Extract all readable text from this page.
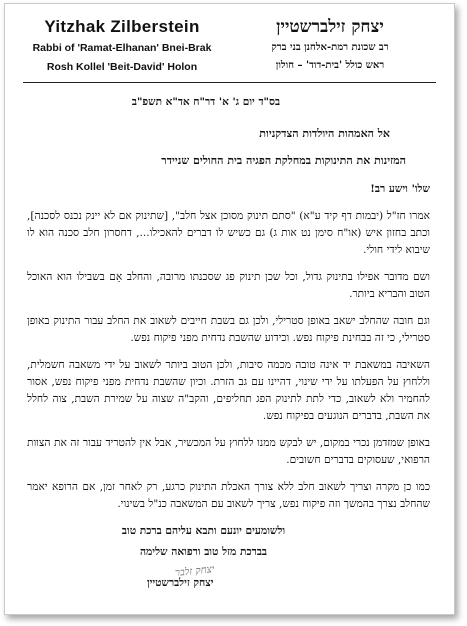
Yitzhak Zilberstein
Rabbi of 'Ramat-Elhanan' Bnei-Brak
Rosh Kollel 'Beit-David' Holon
יצחק זילברשטיין
רב שכונת רמת-אלחנן בני ברק
ראש כולל 'בית-דוד' – חולון
בס"ד יום ג' א' דר"ח אד"א תשפ"ב
אל האמהות היולדות הצדקניות
המזינות את התינוקות במחלקת הפגיה בית החולים שניידר
שלו' וישע רב!

אמרו חז"ל (יבמות דף קיד ע"א) "סתם תינוק מסוכן אצל חלב", [שתינוק אם לא יינק נכנס לסכנה], וכתב בחזון איש (או"ח סימן נט אות ג) גם כשיש לו דברים להאכילו..., דחסרון חלב סכנה הוא לו שיבוא לידי חולי.

ושם מדובר אפילו בתינוק גדול, וכל שכן תינוק פג שסכנתו מרובה, והחלב אֵם בשבילו הוא האוכל הטוב והבריא ביותר.

וגם חובה שהחלב ישאב באופן סטרילי, ולכן גם בשבת חייבים לשאוב את החלב עבור התינוק באופן סטרילי, כי זה בבחינת פיקוח נפש. וכידוע שהשבת נדחית מפני פיקוח נפש.

השאיבה במשאבת יד אינה טובה מכמה סיבות, ולכן הטוב ביותר לשאוב על ידי משאבה חשמלית, וללחוץ על הפעלתו על ידי שינוי, דהיינו עם גב הזרת. וכיון שהשבת נדחית מפני פיקוח נפש, אסור להחמיר ולא לשאוב, כדי לתת לתינוק הפג תחליפים, והקב"ה שצוה על שמירת השבת, צוה לחלל את השבת, בדברים הנוגעים בפיקוח נפש.

באופן שמזדמן נכרי במקום, יש לבקש ממנו ללחוץ על המכשיר, אבל אין להטריד עבור זה את הצוות הרפואי, שעסוקים בדברים חשובים.

כמו כן מקרה וצריך לשאוב חלב ללא צורך האכלת התינוק כרגע, רק לאחר זמן, אם הרופא יאמר שהחלב נצרך בהמשך וזה פיקוח נפש, צריך לשאוב עם המשאבה כנ"ל בשינוי.

ולשומעים יונעם ותבא עליהם ברכת טוב
בברכת מזל טוב ורפואה שלימה
יצחק זלבר
יצחק זילברשטיין
